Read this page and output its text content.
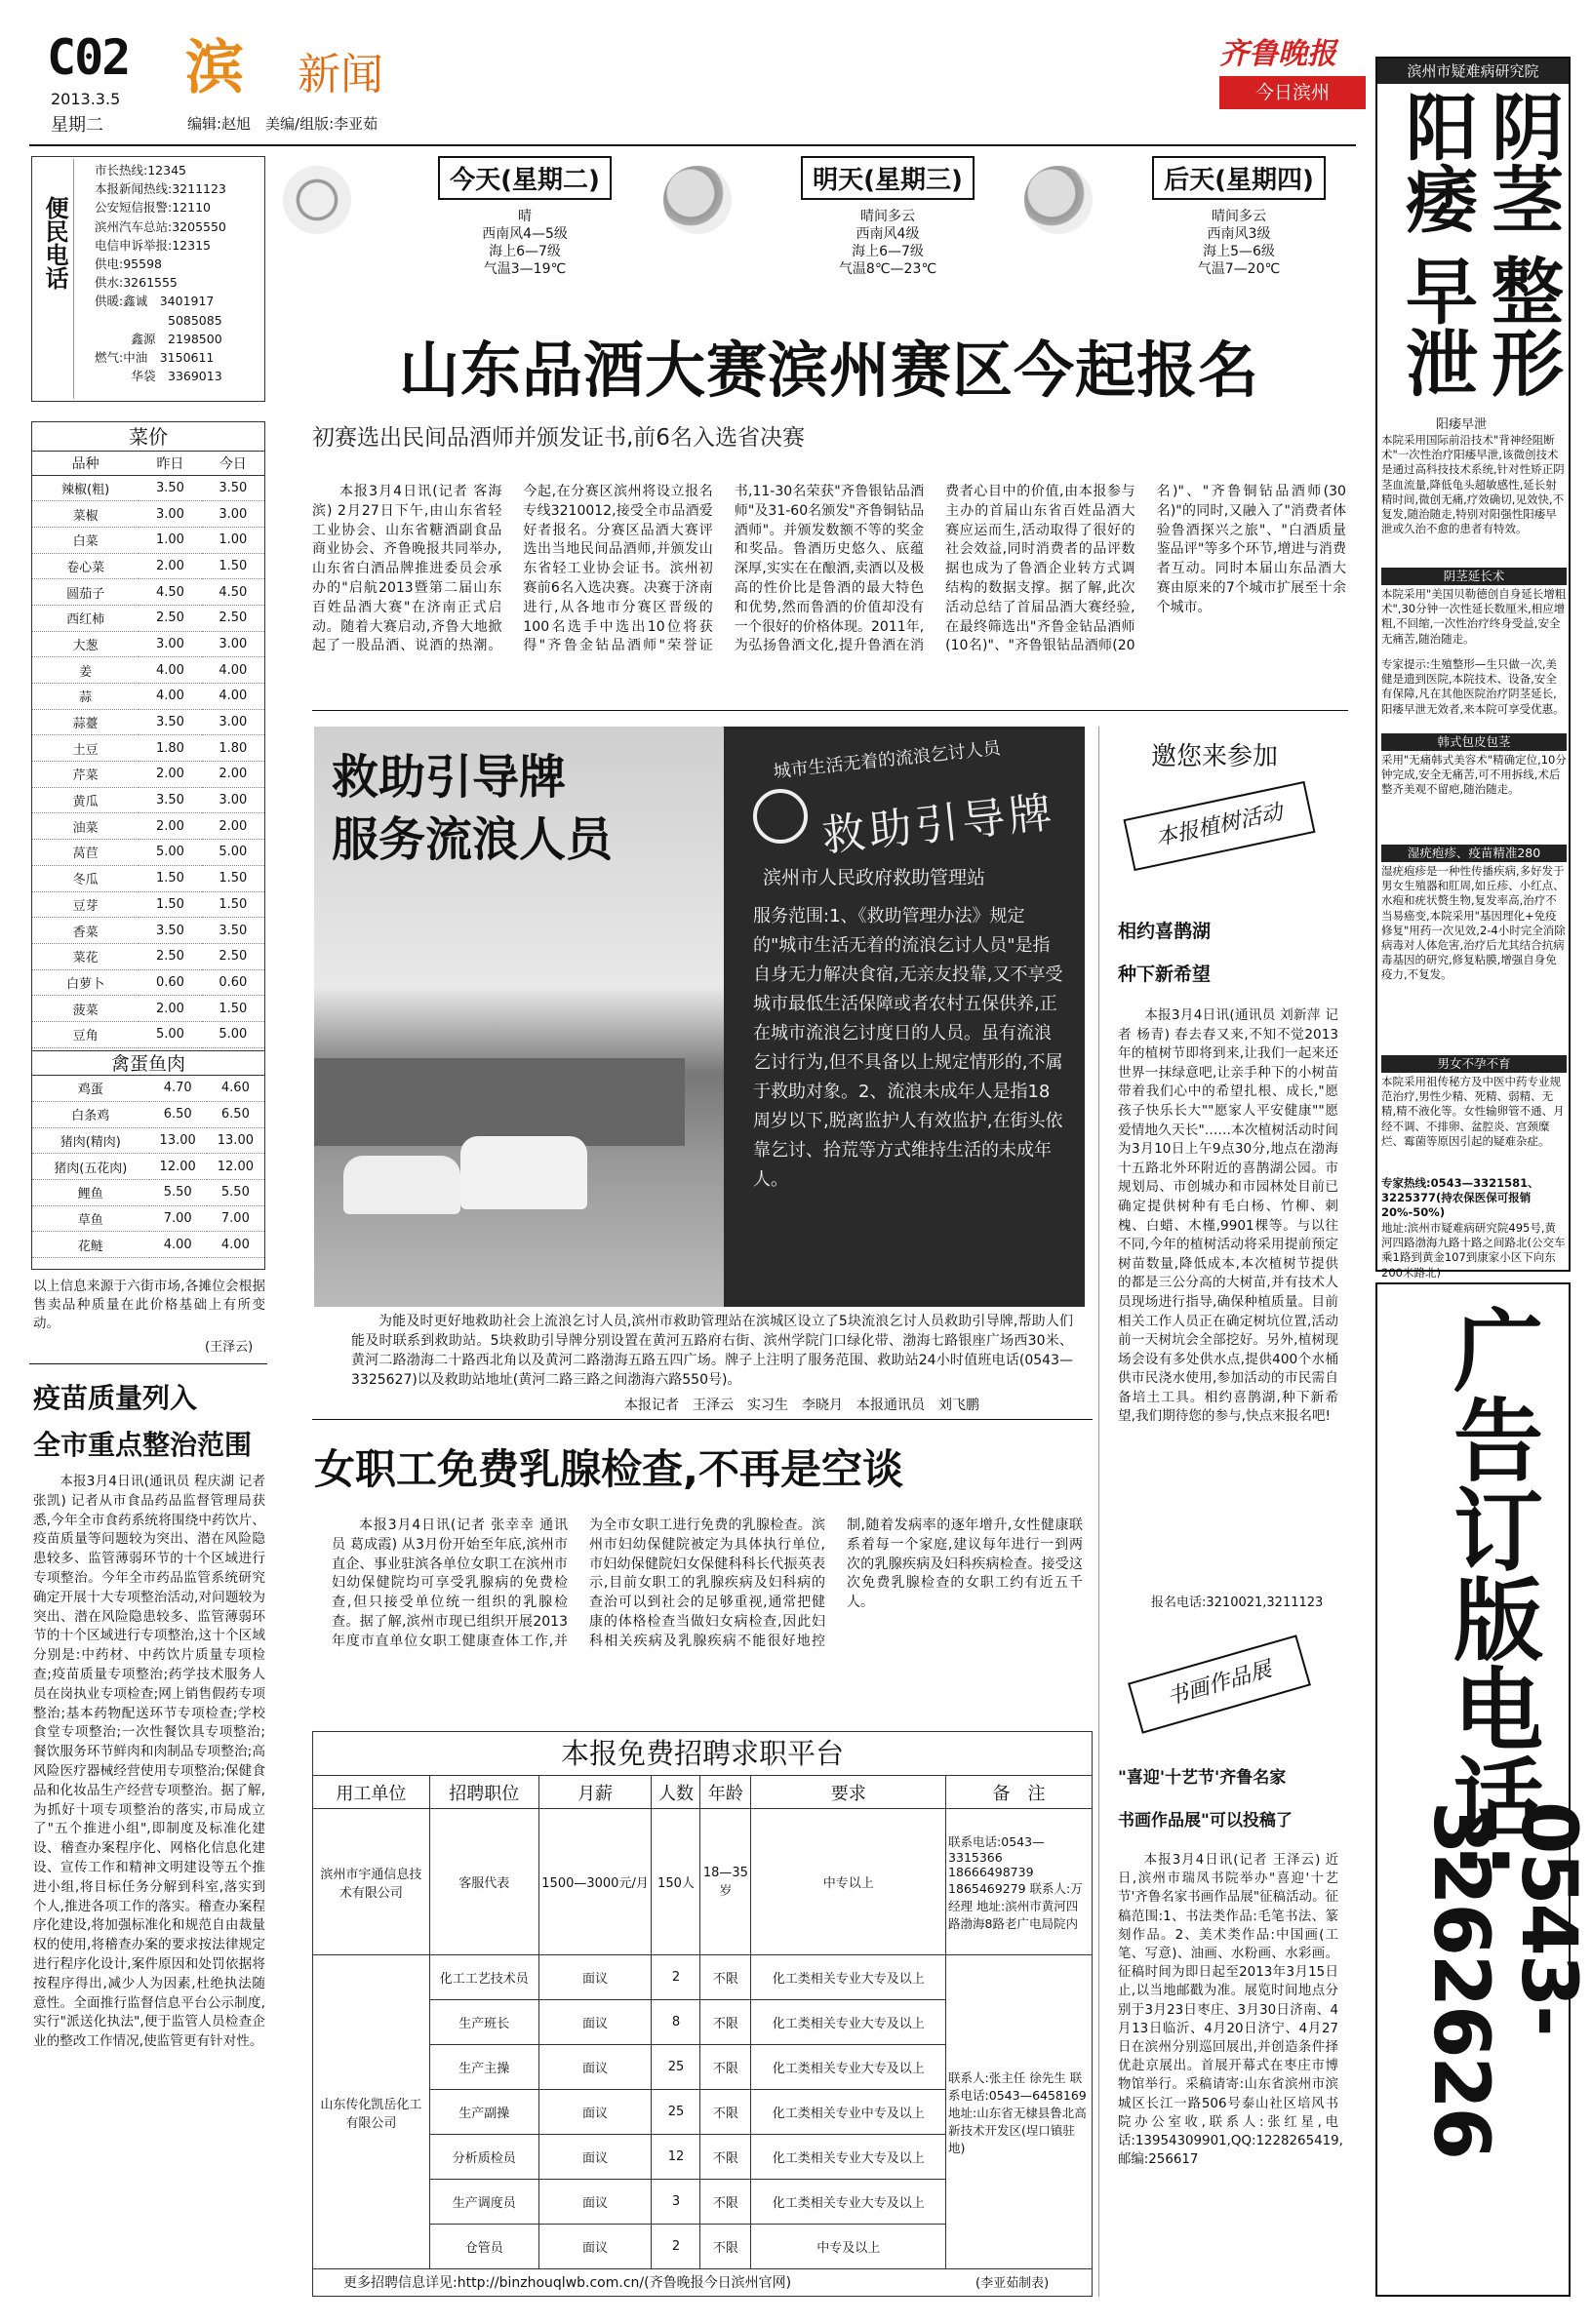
C02
2013.3.5
星期二
滨 新闻
编辑:赵旭　美编/组版:李亚茹
齐鲁晚报
今日滨州
便民电话
市长热线:12345
本报新闻热线:3211123
公安短信报警:12110
滨州汽车总站:3205550
电信申诉举报:12315
供电:95598
供水:3261555
供暖:鑫诚　3401917
　　　　　　5085085
　　　鑫源　2198500
燃气:中油　3150611
　　　华袋　3369013
菜价
品种	昨日	今日
辣椒(粗)	3.50	3.50
菜椒	3.00	3.00
白菜	1.00	1.00
卷心菜	2.00	1.50
圆茄子	4.50	4.50
西红柿	2.50	2.50
大葱	3.00	3.00
姜	4.00	4.00
蒜	4.00	4.00
蒜薹	3.50	3.00
土豆	1.80	1.80
芹菜	2.00	2.00
黄瓜	3.50	3.00
油菜	2.00	2.00
莴苣	5.00	5.00
冬瓜	1.50	1.50
豆芽	1.50	1.50
香菜	3.50	3.50
菜花	2.50	2.50
白萝卜	0.60	0.60
菠菜	2.00	1.50
豆角	5.00	5.00
禽蛋鱼肉
鸡蛋	4.70	4.60
白条鸡	6.50	6.50
猪肉(精肉)	13.00	13.00
猪肉(五花肉)	12.00	12.00
鲤鱼	5.50	5.50
草鱼	7.00	7.00
花鲢	4.00	4.00
以上信息来源于六街市场,各摊位会根据售卖品种质量在此价格基础上有所变动。
(王泽云)
疫苗质量列入
全市重点整治范围
本报3月4日讯(通讯员 程庆湖 记者 张凯) 记者从市食品药品监督管理局获悉,今年全市食药系统将围绕中药饮片、疫苗质量等问题较为突出、潜在风险隐患较多、监管薄弱环节的十个区域进行专项整治。今年全市药品监管系统研究确定开展十大专项整治活动,对问题较为突出、潜在风险隐患较多、监管薄弱环节的十个区域进行专项整治,这十个区域分别是:中药材、中药饮片质量专项检查;疫苗质量专项整治;药学技术服务人员在岗执业专项检查;网上销售假药专项整治;基本药物配送环节专项检查;学校食堂专项整治;一次性餐饮具专项整治;餐饮服务环节鲜肉和肉制品专项整治;高风险医疗器械经营使用专项整治;保健食品和化妆品生产经营专项整治。据了解,为抓好十项专项整治的落实,市局成立了"五个推进小组",即制度及标准化建设、稽查办案程序化、网格化信息化建设、宣传工作和精神文明建设等五个推进小组,将目标任务分解到科室,落实到个人,推进各项工作的落实。稽查办案程序化建设,将加强标准化和规范自由裁量权的使用,将稽查办案的要求按法律规定进行程序化设计,案件原因和处罚依据将按程序得出,减少人为因素,杜绝执法随意性。全面推行监督信息平台公示制度,实行"派送化执法",便于监管人员检查企业的整改工作情况,使监管更有针对性。
今天(星期二)
晴
西南风4—5级
海上6—7级
气温3—19℃
明天(星期三)
晴间多云
西南风4级
海上6—7级
气温8℃—23℃
后天(星期四)
晴间多云
西南风3级
海上5—6级
气温7—20℃
山东品酒大赛滨州赛区今起报名
初赛选出民间品酒师并颁发证书,前6名入选省决赛
本报3月4日讯(记者 客海滨) 2月27日下午,由山东省轻工业协会、山东省糖酒副食品商业协会、齐鲁晚报共同举办,山东省白酒品牌推进委员会承办的"启航2013暨第二届山东百姓品酒大赛"在济南正式启动。随着大赛启动,齐鲁大地掀起了一股品酒、说酒的热潮。今起,在分赛区滨州将设立报名专线3210012,接受全市品酒爱好者报名。分赛区品酒大赛评选出当地民间品酒师,并颁发山东省轻工业协会证书。滨州初赛前6名入选决赛。决赛于济南进行,从各地市分赛区晋级的100名选手中选出10位将获得"齐鲁金钻品酒师"荣誉证书,11-30名荣获"齐鲁银钻品酒师"及31-60名颁发"齐鲁铜钻品酒师"。并颁发数额不等的奖金和奖品。鲁酒历史悠久、底蕴深厚,实实在在酿酒,卖酒以及极高的性价比是鲁酒的最大特色和优势,然而鲁酒的价值却没有一个很好的价格体现。2011年,为弘扬鲁酒文化,提升鲁酒在消费者心目中的价值,由本报参与主办的首届山东省百姓品酒大赛应运而生,活动取得了很好的社会效益,同时消费者的品评数据也成为了鲁酒企业转方式调结构的数据支撑。据了解,此次活动总结了首届品酒大赛经验,在最终筛选出"齐鲁金钻品酒师(10名)"、"齐鲁银钻品酒师(20名)"、"齐鲁铜钻品酒师(30名)"的同时,又融入了"消费者体验鲁酒探兴之旅"、"白酒质量鉴品评"等多个环节,增进与消费者互动。同时本届山东品酒大赛由原来的7个城市扩展至十余个城市。
救助引导牌
服务流浪人员
城市生活无着的流浪乞讨人员
救助引导牌
滨州市人民政府救助管理站
服务范围:1、《救助管理办法》规定的"城市生活无着的流浪乞讨人员"是指自身无力解决食宿,无亲友投靠,又不享受城市最低生活保障或者农村五保供养,正在城市流浪乞讨度日的人员。虽有流浪乞讨行为,但不具备以上规定情形的,不属于救助对象。2、流浪未成年人是指18周岁以下,脱离监护人有效监护,在街头依靠乞讨、拾荒等方式维持生活的未成年人。
为能及时更好地救助社会上流浪乞讨人员,滨州市救助管理站在滨城区设立了5块流浪乞讨人员救助引导牌,帮助人们能及时联系到救助站。5块救助引导牌分别设置在黄河五路府右街、滨州学院门口绿化带、渤海七路银座广场西30米、黄河二路渤海二十路西北角以及黄河二路渤海五路五四广场。牌子上注明了服务范围、救助站24小时值班电话(0543—3325627)以及救助站地址(黄河二路三路之间渤海六路550号)。
本报记者　王泽云　实习生　李晓月　本报通讯员　刘飞鹏
女职工免费乳腺检查,不再是空谈
本报3月4日讯(记者 张幸幸 通讯员 葛成霞) 从3月份开始至年底,滨州市直企、事业驻滨各单位女职工在滨州市妇幼保健院均可享受乳腺病的免费检查,但只接受单位统一组织的乳腺检查。据了解,滨州市现已组织开展2013年度市直单位女职工健康查体工作,并为全市女职工进行免费的乳腺检查。滨州市妇幼保健院被定为具体执行单位,市妇幼保健院妇女保健科科长代振英表示,目前女职工的乳腺疾病及妇科病的查治可以到社会的足够重视,通常把健康的体格检查当做妇女病检查,因此妇科相关疾病及乳腺疾病不能很好地控制,随着发病率的逐年增升,女性健康联系着每一个家庭,建议每年进行一到两次的乳腺疾病及妇科疾病检查。接受这次免费乳腺检查的女职工约有近五千人。
本报免费招聘求职平台
用工单位	招聘职位	月薪	人数	年龄	要求	备　注
滨州市宇通信息技术有限公司	客服代表	1500—3000元/月	150人	18—35岁	中专以上	联系电话:0543—3315366 18666498739 1865469279 联系人:万经理 地址:滨州市黄河四路渤海8路老广电局院内
山东传化凯岳化工有限公司	化工工艺技术员	面议	2	不限	化工类相关专业大专及以上	联系人:张主任 徐先生 联系电话:0543—6458169 地址:山东省无棣县鲁北高新技术开发区(埕口镇驻地)
	生产班长	面议	8	不限	化工类相关专业大专及以上	
	生产主操	面议	25	不限	化工类相关专业大专及以上	
	生产副操	面议	25	不限	化工类相关专业中专及以上	
	分析质检员	面议	12	不限	化工类相关专业大专及以上	
	生产调度员	面议	3	不限	化工类相关专业大专及以上	
	仓管员	面议	2	不限	中专及以上	
更多招聘信息详见:http://binzhouqlwb.com.cn/(齐鲁晚报今日滨州官网)	(李亚茹制表)
邀您来参加
本报植树活动
相约喜鹊湖
种下新希望
本报3月4日讯(通讯员 刘新萍 记者 杨青) 春去春又来,不知不觉2013年的植树节即将到来,让我们一起来还世界一抹绿意吧,让亲手种下的小树苗带着我们心中的希望扎根、成长,"愿孩子快乐长大""愿家人平安健康""愿爱情地久天长"……本次植树活动时间为3月10日上午9点30分,地点在渤海十五路北外环附近的喜鹊湖公园。市规划局、市创城办和市园林处目前已确定提供树种有毛白杨、竹柳、刺槐、白蜡、木槿,9901棵等。与以往不同,今年的植树活动将采用提前预定树苗数量,降低成本,本次植树节提供的都是三公分高的大树苗,并有技术人员现场进行指导,确保种植质量。目前相关工作人员正在确定树坑位置,活动前一天树坑会全部挖好。另外,植树现场会设有多处供水点,提供400个水桶供市民浇水使用,参加活动的市民需自备培土工具。相约喜鹊湖,种下新希望,我们期待您的参与,快点来报名吧!
报名电话:3210021,3211123
书画作品展
"喜迎'十艺节'齐鲁名家
书画作品展"可以投稿了
本报3月4日讯(记者 王泽云) 近日,滨州市瑞凤书院举办"喜迎'十艺节'齐鲁名家书画作品展"征稿活动。征稿范围:1、书法类作品:毛笔书法、篆刻作品。2、美术类作品:中国画(工笔、写意)、油画、水粉画、水彩画。征稿时间为即日起至2013年3月15日止,以当地邮戳为准。展览时间地点分别于3月23日枣庄、3月30日济南、4月13日临沂、4月20日济宁、4月27日在滨州分别巡回展出,并创造条件择优赴京展出。首展开幕式在枣庄市博物馆举行。采稿请寄:山东省滨州市滨城区长江一路506号泰山社区培风书院办公室收,联系人:张红星,电话:13954309901,QQ:1228265419,邮编:256617
滨州市疑难病研究院
阳痿 阴茎
早泄 整形
阳痿早泄
本院采用国际前沿技术"背神经阻断术"一次性治疗阳痿早泄,该微创技术是通过高科技技术系统,针对性矫正阴茎血流量,降低龟头超敏感性,延长射精时间,微创无痛,疗效确切,见效快,不复发,随治随走,特别对阳强性阳痿早泄或久治不愈的患者有特效。
阴茎延长术
本院采用"美国贝勒德创自身延长增粗术",30分钟一次性延长数厘米,相应增粗,不回缩,一次性治疗终身受益,安全无痛苦,随治随走。
专家提示:生殖整形—生只做一次,美健是遗到医院,本院技术、设备,安全有保障,凡在其他医院治疗阴茎延长,阳痿早泄无效者,来本院可享受优惠。
韩式包皮包茎
采用"无痛韩式美容术"精确定位,10分钟完成,安全无痛苦,可不用拆线,术后整齐美观不留疤,随治随走。
湿疣疱疹、疫苗精准280
湿疣疱疹是一种性传播疾病,多好发于男女生殖器和肛周,如丘疹、小红点、水疱和疣状赘生物,复发率高,治疗不当易癌变,本院采用"基因理化+免疫修复"用药一次见效,2-4小时完全消除病毒对人体危害,治疗后尤其结合抗病毒基因的研究,修复粘膜,增强自身免疫力,不复发。
男女不孕不育
本院采用祖传秘方及中医中药专业规范治疗,男性少精、死精、弱精、无精,精不液化等。女性输卵管不通、月经不调、不排卵、盆腔炎、宫颈糜烂、霉菌等原因引起的疑难杂症。
专家热线:0543—3321581、3225377(持农保医保可报销20%-50%)
地址:滨州市疑难病研究院495号,黄河四路渤海九路十路之间路北(公交车乘1路到黄金107到康家小区下向东200米路北)
广告订版电话:
0543-3262626
